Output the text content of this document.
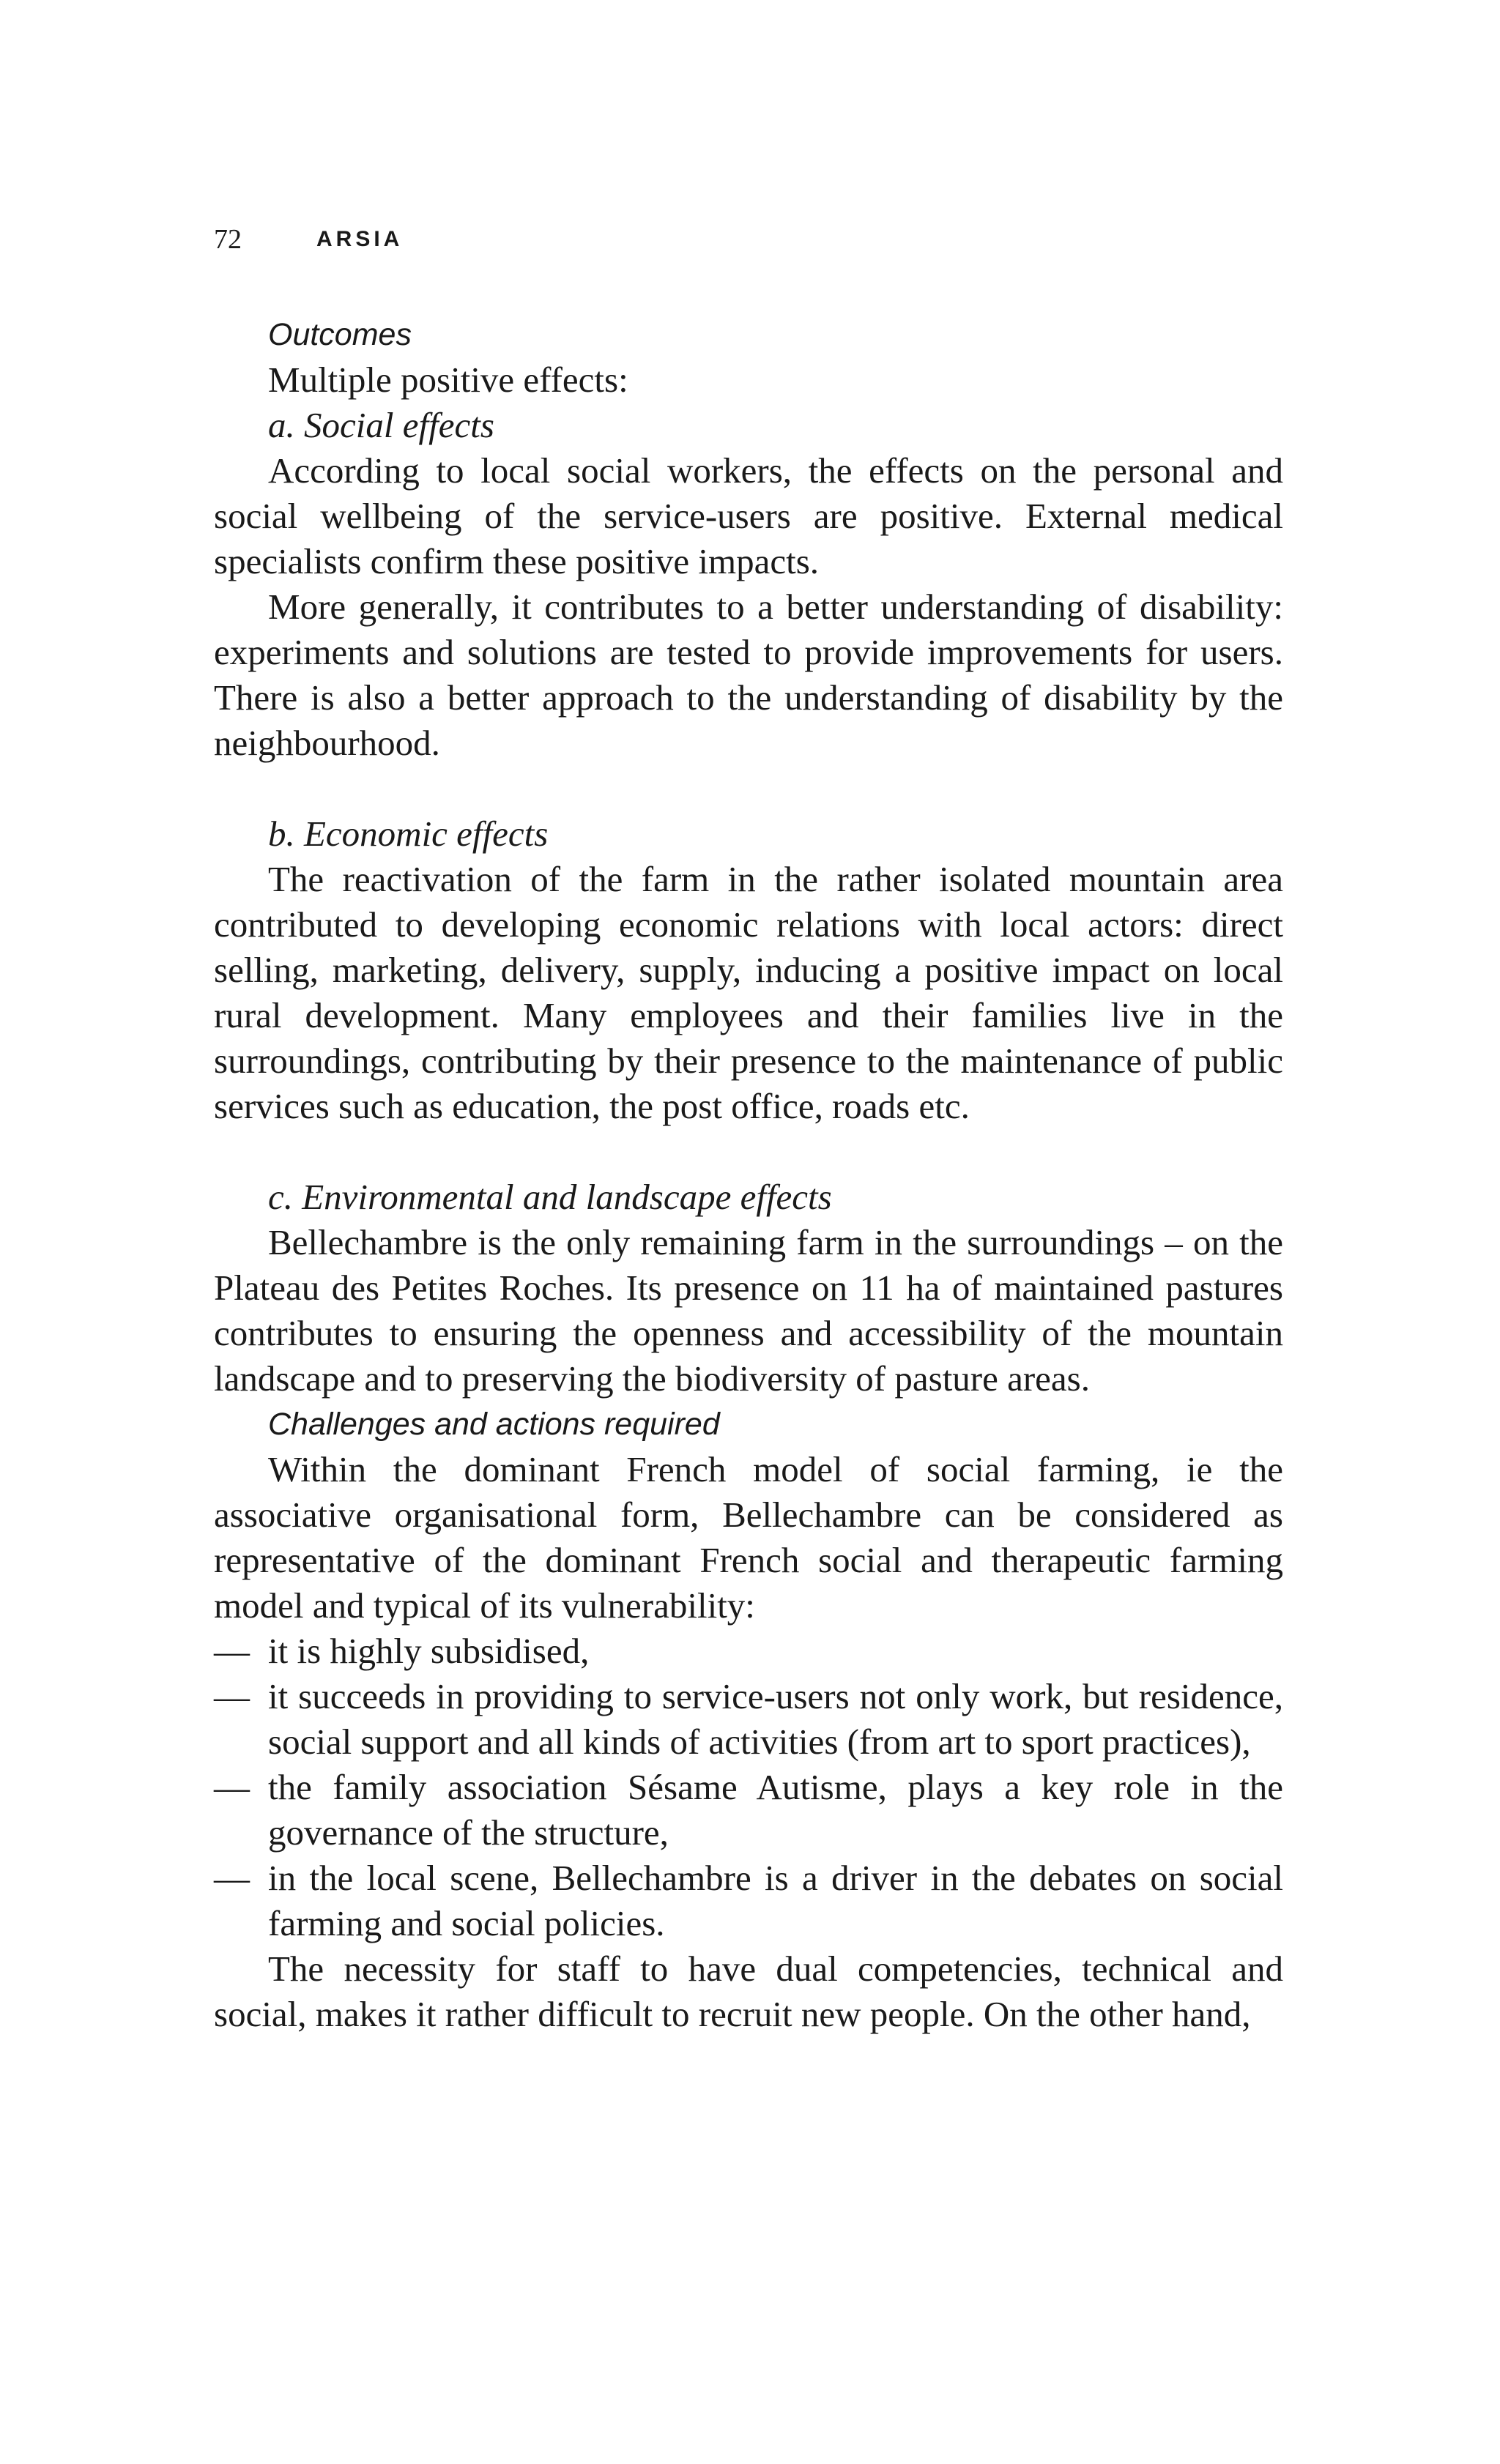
72	ARSIA

Outcomes

Multiple positive effects:

a. Social effects

According to local social workers, the effects on the personal and social wellbeing of the service-users are positive. External medical specialists confirm these positive impacts.

More generally, it contributes to a better understanding of disability: experiments and solutions are tested to provide improvements for users. There is also a better approach to the understanding of disability by the neighbourhood.

b. Economic effects

The reactivation of the farm in the rather isolated mountain area contributed to developing economic relations with local actors: direct selling, marketing, delivery, supply, inducing a positive impact on local rural development. Many employees and their families live in the surroundings, contributing by their presence to the maintenance of public services such as education, the post office, roads etc.

c. Environmental and landscape effects

Bellechambre is the only remaining farm in the surroundings – on the Plateau des Petites Roches. Its presence on 11 ha of maintained pastures contributes to ensuring the openness and accessibility of the mountain landscape and to preserving the biodiversity of pasture areas.

Challenges and actions required

Within the dominant French model of social farming, ie the associative organisational form, Bellechambre can be considered as representative of the dominant French social and therapeutic farming model and typical of its vulnerability:

— it is highly subsidised,
— it succeeds in providing to service-users not only work, but residence, social support and all kinds of activities (from art to sport practices),
— the family association Sésame Autisme, plays a key role in the governance of the structure,
— in the local scene, Bellechambre is a driver in the debates on social farming and social policies.

The necessity for staff to have dual competencies, technical and social, makes it rather difficult to recruit new people. On the other hand,
